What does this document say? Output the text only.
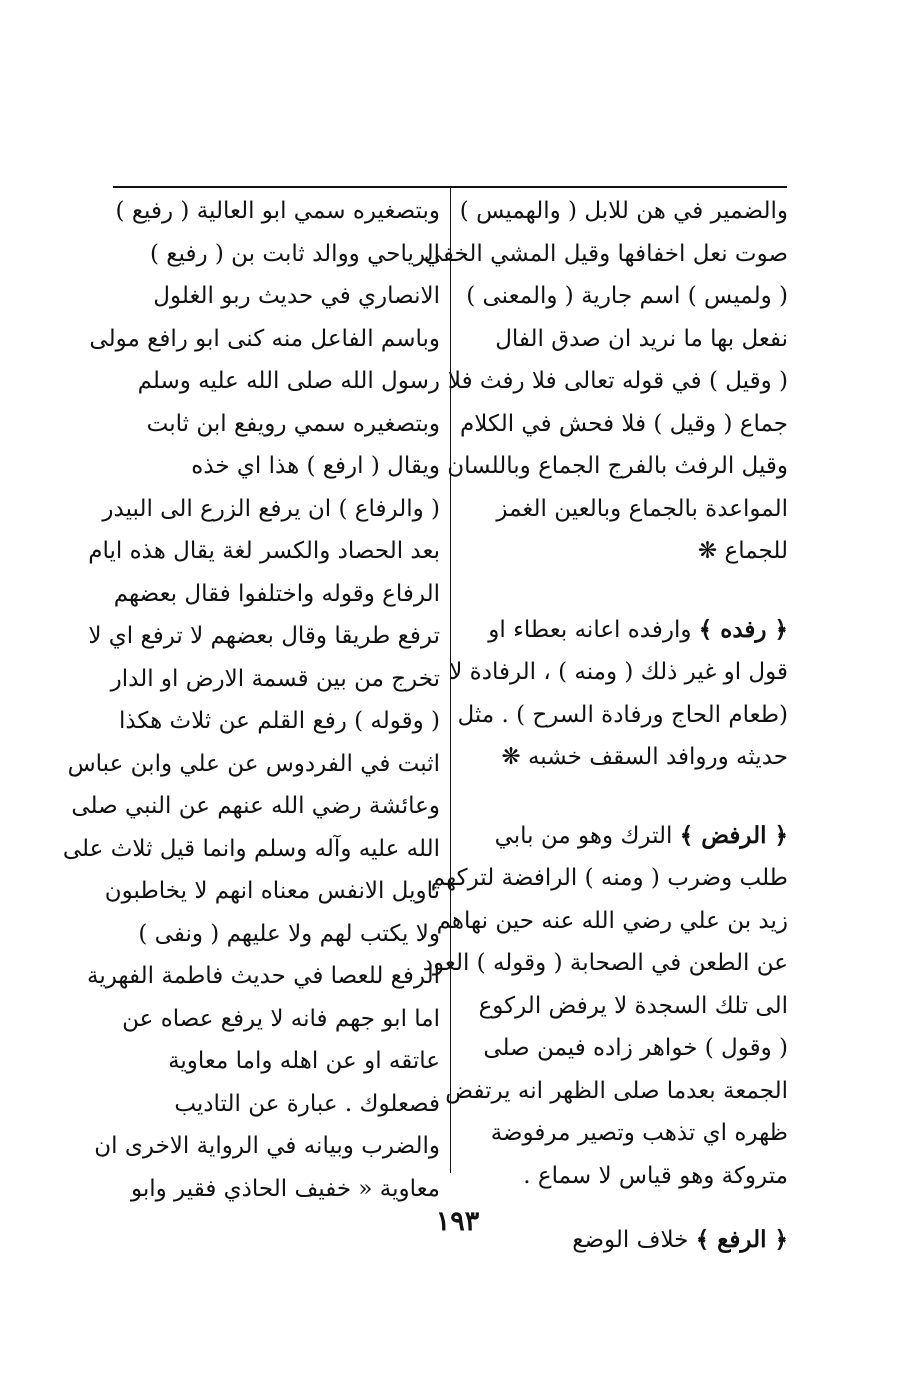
والضمير في هن للابل ( والهميس )
صوت نعل اخفافها وقيل المشي الخفي
( ولميس ) اسم جارية ( والمعنى )
نفعل بها ما نريد ان صدق الفال
( وقيل ) في قوله تعالى فلا رفث فلا
جماع ( وقيل ) فلا فحش في الكلام
وقيل الرفث بالفرج الجماع وباللسان
المواعدة بالجماع وبالعين الغمز
للجماع ❋
﴿ رفده ﴾ وارفده اعانه بعطاء او
قول او غير ذلك ( ومنه ) ، الرفادة لا
(طعام الحاج ورفادة السرح ) . مثل
حديثه وروافد السقف خشبه ❋
﴿ الرفض ﴾ الترك وهو من بابي
طلب وضرب ( ومنه ) الرافضة لتركهم
زيد بن علي رضي الله عنه حين نهاهم
عن الطعن في الصحابة ( وقوله ) العود
الى تلك السجدة لا يرفض الركوع
( وقول ) خواهر زاده فيمن صلى
الجمعة بعدما صلى الظهر انه يرتفض
ظهره اي تذهب وتصير مرفوضة
متروكة وهو قياس لا سماع .
﴿ الرفع ﴾ خلاف الوضع
وبتصغيره سمي ابو العالية ( رفيع )
الرياحي ووالد ثابت بن ( رفيع )
الانصاري في حديث ربو الغلول
وباسم الفاعل منه كنى ابو رافع مولى
رسول الله صلى الله عليه وسلم
وبتصغيره سمي رويفع ابن ثابت
ويقال ( ارفع ) هذا اي خذه
( والرفاع ) ان يرفع الزرع الى البيدر
بعد الحصاد والكسر لغة يقال هذه ايام
الرفاع وقوله واختلفوا فقال بعضهم
ترفع طريقا وقال بعضهم لا ترفع اي لا
تخرج من بين قسمة الارض او الدار
( وقوله ) رفع القلم عن ثلاث هكذا
اثبت في الفردوس عن علي وابن عباس
وعائشة رضي الله عنهم عن النبي صلى
الله عليه وآله وسلم وانما قيل ثلاث على
تاويل الانفس معناه انهم لا يخاطبون
ولا يكتب لهم ولا عليهم ( ونفى )
الرفع للعصا في حديث فاطمة الفهرية
اما ابو جهم فانه لا يرفع عصاه عن
عاتقه او عن اهله واما معاوية
فصعلوك . عبارة عن التاديب
والضرب وبيانه في الرواية الاخرى ان
معاوية « خفيف الحاذي فقير وابو
١٩٣
